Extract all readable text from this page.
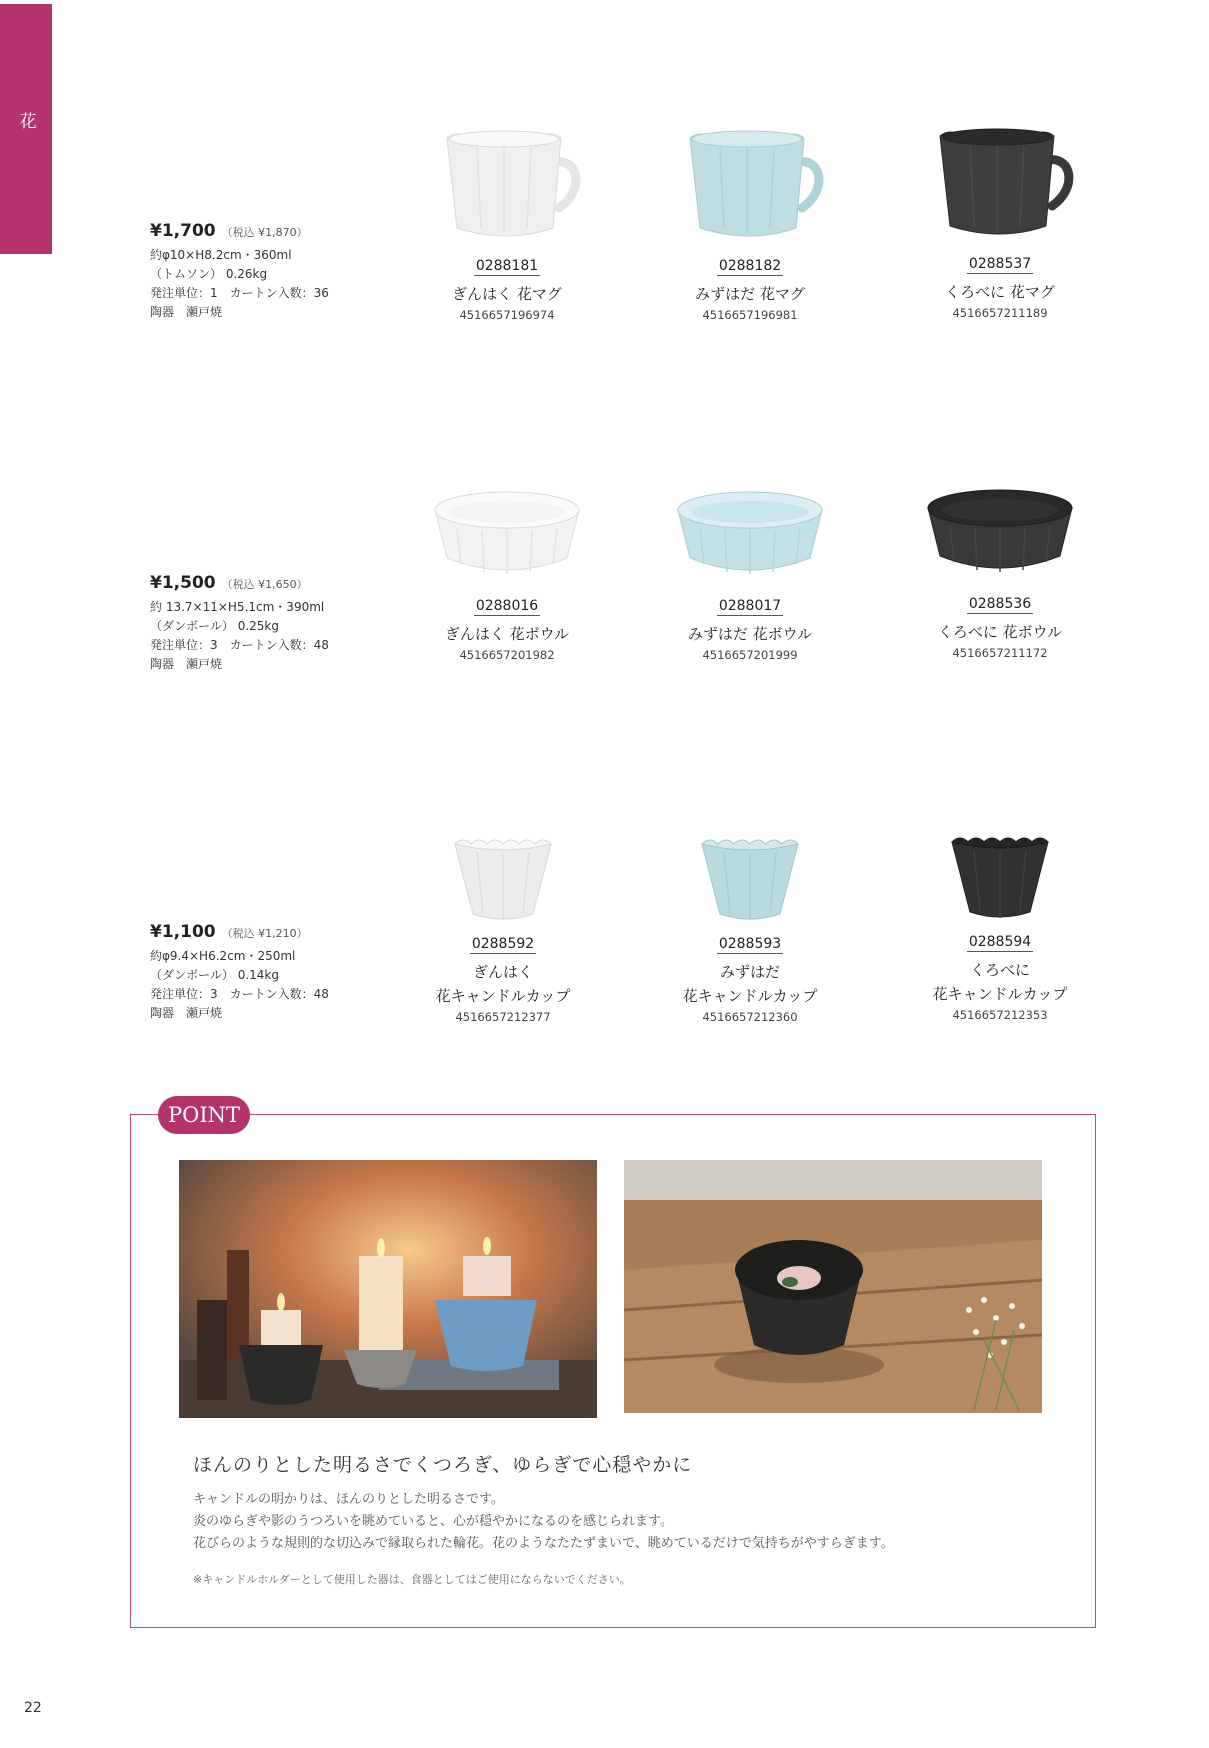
花
¥1,700 （税込 ¥1,870）
約φ10×H8.2cm・360ml
（トムソン） 0.26kg
発注単位：1　カートン入数：36
陶器　瀬戸焼
0288181
ぎんはく 花マグ
4516657196974
0288182
みずはだ 花マグ
4516657196981
0288537
くろべに 花マグ
4516657211189
¥1,500 （税込 ¥1,650）
約 13.7×11×H5.1cm・390ml
（ダンボール） 0.25kg
発注単位：3　カートン入数：48
陶器　瀬戸焼
0288016
ぎんはく 花ボウル
4516657201982
0288017
みずはだ 花ボウル
4516657201999
0288536
くろべに 花ボウル
4516657211172
¥1,100 （税込 ¥1,210）
約φ9.4×H6.2cm・250ml
（ダンボール） 0.14kg
発注単位：3　カートン入数：48
陶器　瀬戸焼
0288592
ぎんはく
花キャンドルカップ
4516657212377
0288593
みずはだ
花キャンドルカップ
4516657212360
0288594
くろべに
花キャンドルカップ
4516657212353
POINT
ほんのりとした明るさでくつろぎ、ゆらぎで心穏やかに
キャンドルの明かりは、ほんのりとした明るさです。
炎のゆらぎや影のうつろいを眺めていると、心が穏やかになるのを感じられます。
花びらのような規則的な切込みで縁取られた輪花。花のようなたたずまいで、眺めているだけで気持ちがやすらぎます。
※キャンドルホルダーとして使用した器は、食器としてはご使用にならないでください。
22
